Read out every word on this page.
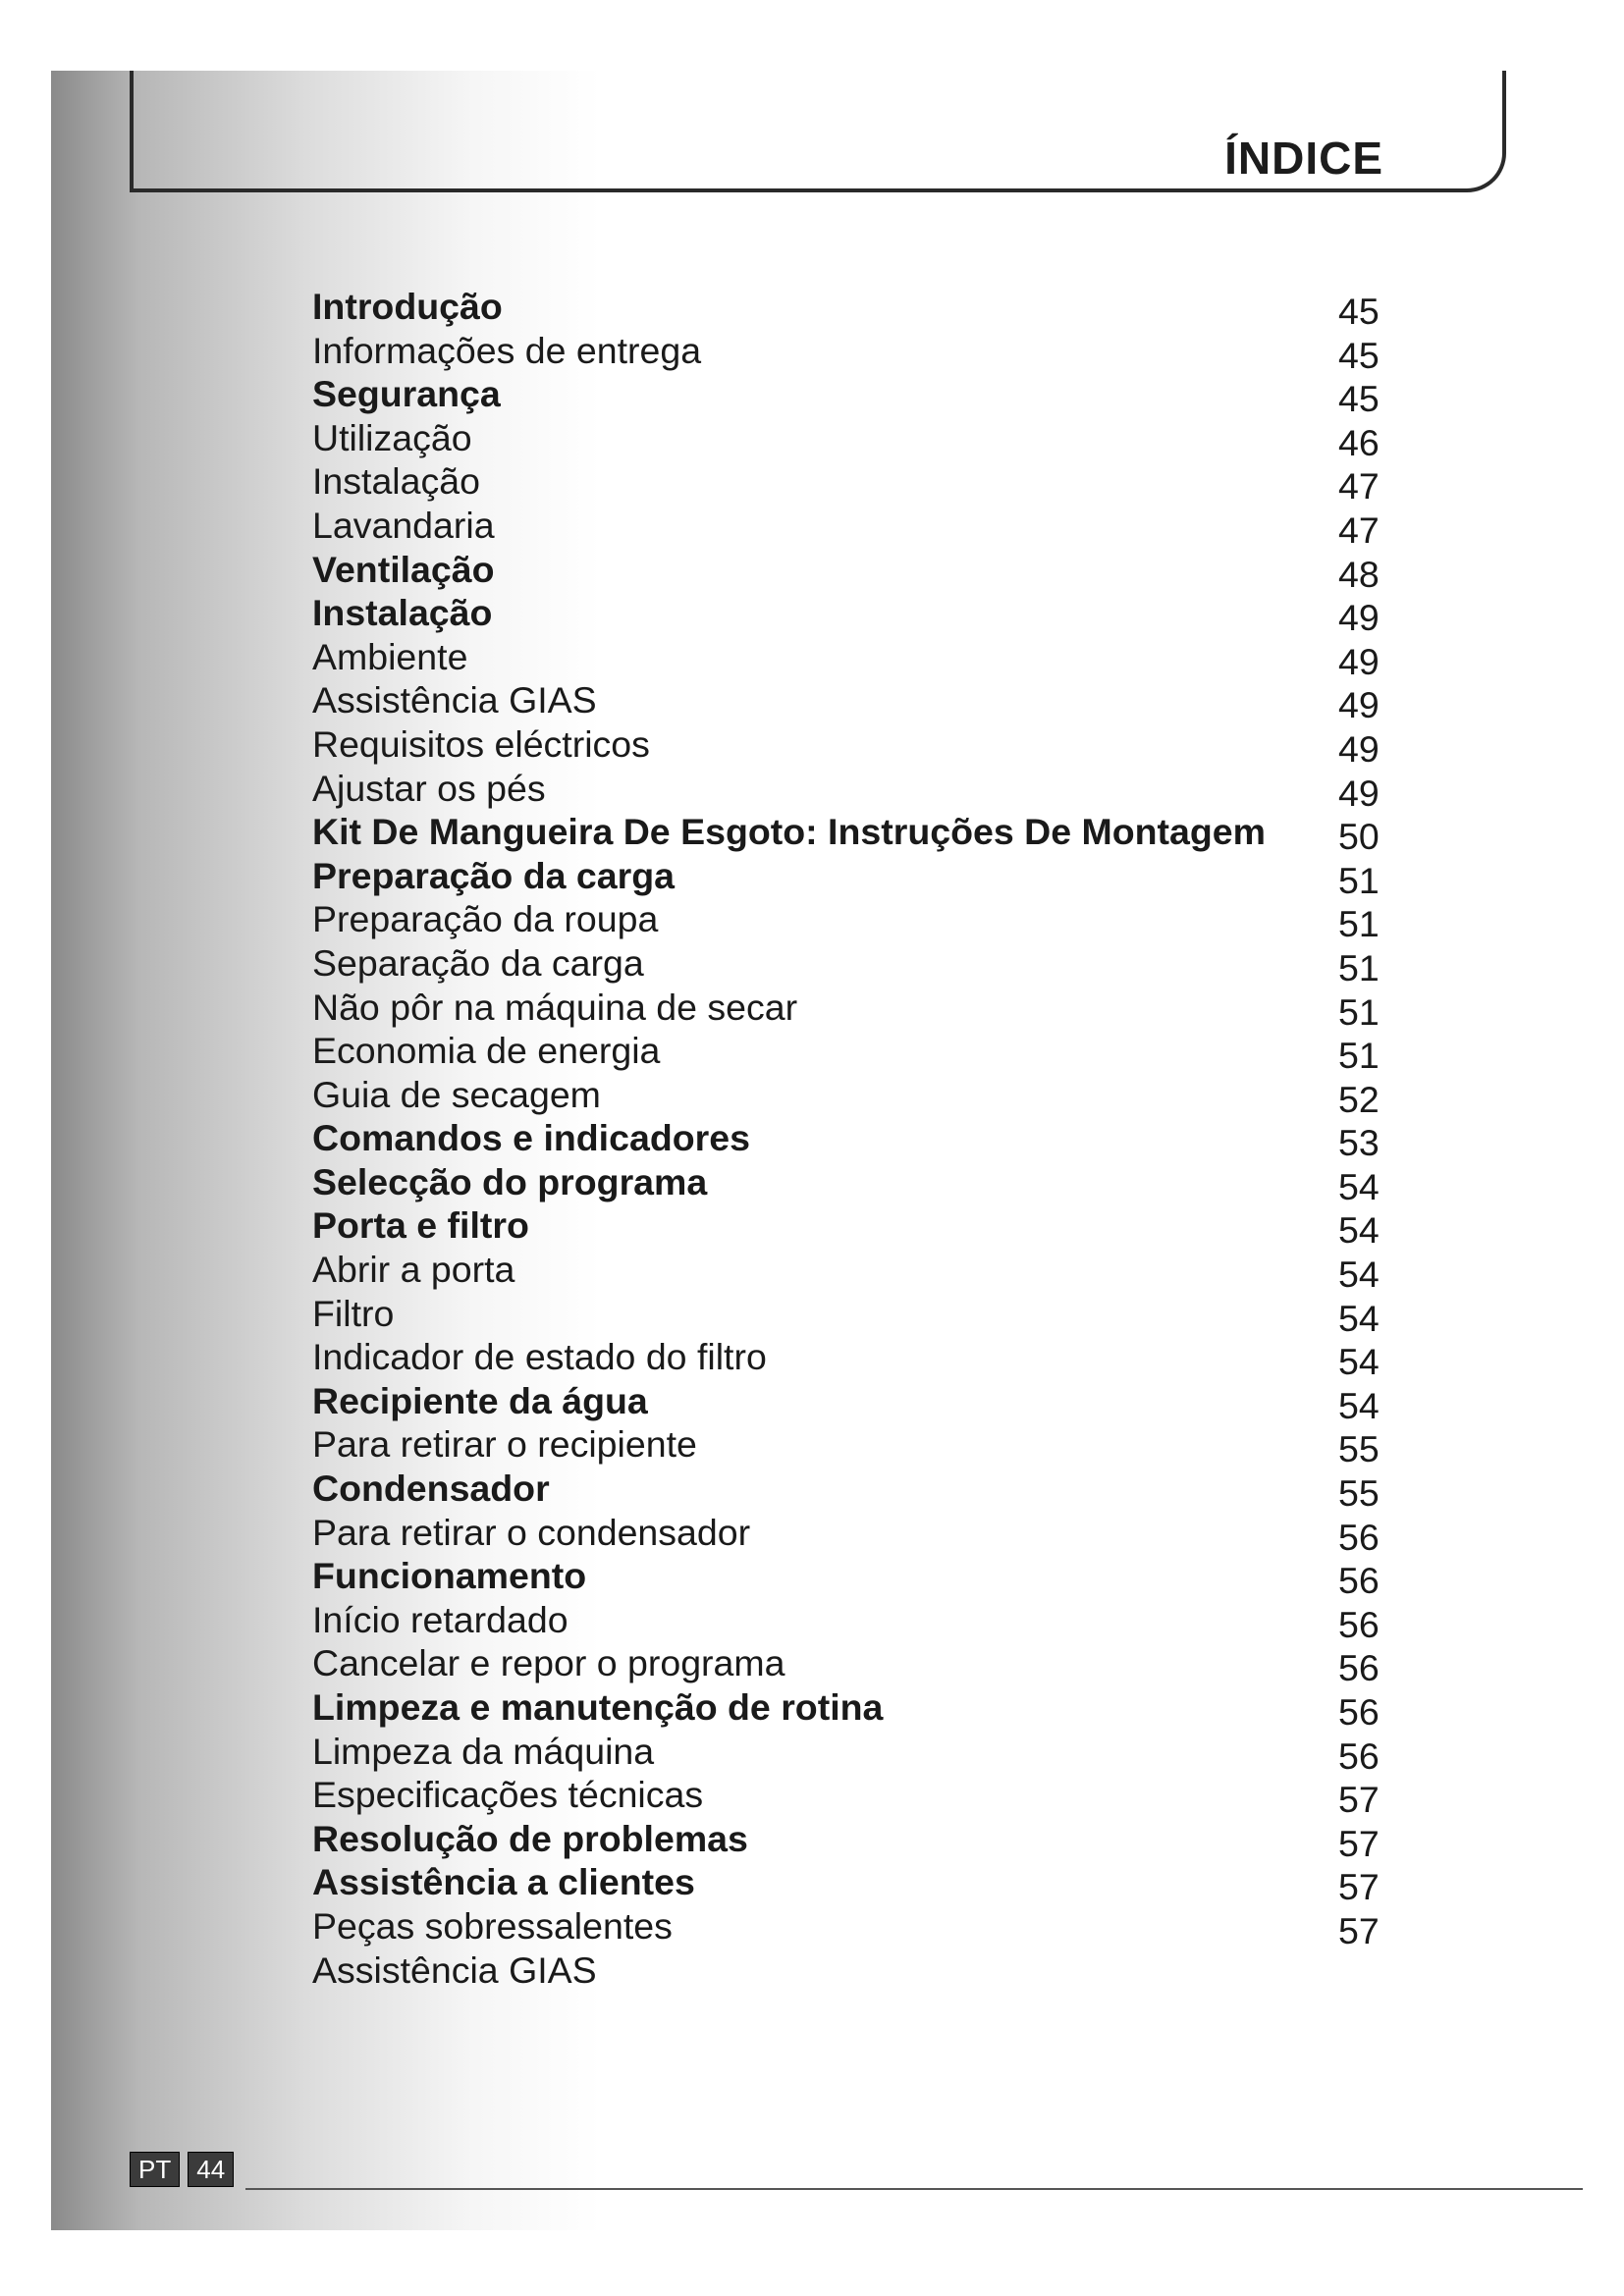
ÍNDICE
Introdução	45
Informações de entrega	45
Segurança	45
Utilização	46
Instalação	47
Lavandaria	47
Ventilação	48
Instalação	49
Ambiente	49
Assistência GIAS	49
Requisitos eléctricos	49
Ajustar os pés	49
Kit De Mangueira De Esgoto: Instruções De Montagem 50
Preparação da carga	51
Preparação da roupa	51
Separação da carga	51
Não pôr na máquina de secar	51
Economia de energia	51
Guia de secagem	52
Comandos e indicadores	53
Selecção do programa	54
Porta e filtro	54
Abrir a porta	54
Filtro	54
Indicador de estado do filtro	54
Recipiente da água	54
Para retirar o recipiente	55
Condensador	55
Para retirar o condensador	56
Funcionamento	56
Início retardado	56
Cancelar e repor o programa	56
Limpeza e manutenção de rotina	56
Limpeza da máquina	56
Especificações técnicas	57
Resolução de problemas	57
Assistência a clientes	57
Peças sobressalentes	57
Assistência GIAS
PT	44
